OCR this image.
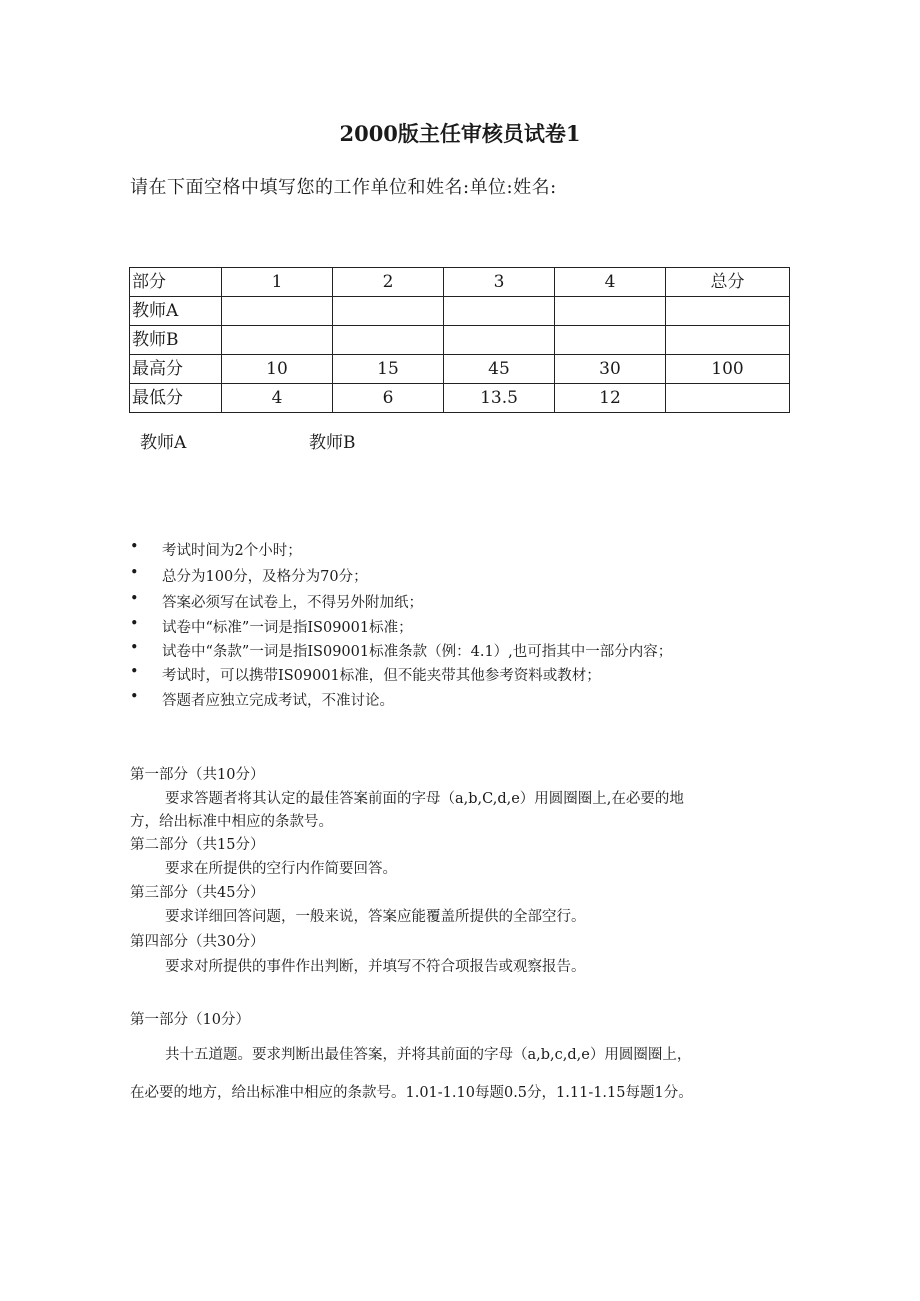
2000版主任审核员试卷1
请在下面空格中填写您的工作单位和姓名:单位:姓名:
部分	1	2	3	4	总分
教师A					
教师B					
最高分	10	15	45	30	100
最低分	4	6	13.5	12	
教师A	教师B
• 考试时间为2个小时；
• 总分为100分，及格分为70分；
• 答案必须写在试卷上，不得另外附加纸；
• 试卷中“标准”一词是指IS09001标准；
• 试卷中“条款”一词是指IS09001标准条款（例：4.1）,也可指其中一部分内容；
• 考试时，可以携带IS09001标准，但不能夹带其他参考资料或教材；
• 答题者应独立完成考试，不准讨论。
第一部分（共10分）
要求答题者将其认定的最佳答案前面的字母（a,b,C,d,e）用圆圈圈上,在必要的地
方，给出标准中相应的条款号。
第二部分（共15分）
要求在所提供的空行内作简要回答。
第三部分（共45分）
要求详细回答问题，一般来说，答案应能覆盖所提供的全部空行。
第四部分（共30分）
要求对所提供的事件作出判断，并填写不符合项报告或观察报告。
第一部分（10分）
共十五道题。要求判断出最佳答案，并将其前面的字母（a,b,c,d,e）用圆圈圈上，
在必要的地方，给出标准中相应的条款号。1.01-1.10每题0.5分，1.11-1.15每题1分。
